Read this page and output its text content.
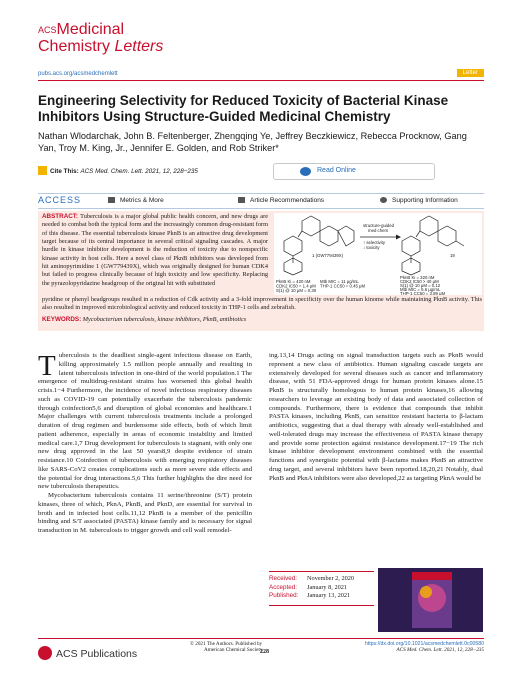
$^{ACS}$Medicinal
Chemistry Letters
pubs.acs.org/acsmedchemlett	Letter
Engineering Selectivity for Reduced Toxicity of Bacterial Kinase Inhibitors Using Structure-Guided Medicinal Chemistry
Nathan Wlodarchak, John B. Feltenberger, Zhengqing Ye, Jeffrey Beczkiewicz, Rebecca Procknow, Gang Yan, Troy M. King, Jr., Jennifer E. Golden, and Rob Striker*
Cite This: ACS Med. Chem. Lett. 2021, 12, 228−235	Read Online
ACCESS	Metrics & More	Article Recommendations	Supporting Information
ABSTRACT: Tuberculosis is a major global public health concern, and new drugs are needed to combat both the typical form and the increasingly common drug-resistant form of this disease. The essential tuberculosis kinase PknB is an attractive drug development target because of its central importance in several critical signaling cascades. A major hurdle in kinase inhibitor development is the reduction of toxicity due to nonspecific kinase activity in host cells. Here a novel class of PknB inhibitors was developed from hit aminopyrimidine 1 (GW779439X), which was originally designed for human CDK4 but failed to progress clinically because of high toxicity and low specificity. Replacing the pyrazolopyridazine headgroup of the original hit with substituted
structure-guided
med chem
↑ selectivity
↓ toxicity
1 (GW779439X)	19
PknB Ki = 420 nM
CDK2 IC50 = 1.4 μM
S(1) @ 10 μM = 0.30
Mtb MIC = 11 μg/mL
THP-1 CC50 = 0.45 μM
PknB Ki = 320 nM
CDK2 IC50 > 40 μM
S(1) @ 10 μM = 0.12
Mtb MIC = 5.6 μg/mL
THP-1 CC50 = 3.89 μM
pyridine or phenyl headgroups resulted in a reduction of Cdk activity and a 3-fold improvement in specificity over the human kinome while maintaining PknB activity. This also resulted in improved microbiological activity and reduced toxicity in THP-1 cells and zebrafish.
KEYWORDS: Mycobacterium tuberculosis, kinase inhibitors, PknB, antibiotics

Tuberculosis is the deadliest single-agent infectious disease on Earth, killing approximately 1.5 million people annually and resulting in latent tuberculosis infection in one-third of the world population.1 The emergence of multidrug-resistant strains has worsened this global health crisis.1−4 Furthermore, the incidence of novel infectious respiratory diseases such as COVID-19 can potentially exacerbate the tuberculosis pandemic through coinfection5,6 and disruption of global economies and healthcare.1 Major challenges with current tuberculosis treatments include a prolonged duration of drug regimen and burdensome side effects, both of which limit patient adherence, especially in areas of economic instability and limited medical care.1,7 Drug development for tuberculosis is stagnant, with only one new drug approved in the last 50 years8,9 despite evidence of strain resistance.10 Coinfection of tuberculosis with emerging respiratory diseases like SARS-CoV2 creates complications such as more severe side effects and the potential for drug interactions.5,6 This further highlights the dire need for new tuberculosis therapeutics.

Mycobacterium tuberculosis contains 11 serine/threonine (S/T) protein kinases, three of which, PknA, PknB, and PknD, are essential for survival in broth and in infected host cells.11,12 PknB is a member of the penicillin binding and S/T associated (PASTA) kinase family and is necessary for signal transduction in M. tuberculosis to trigger growth and cell wall remodel-

ing.13,14 Drugs acting on signal transduction targets such as PknB would represent a new class of antibiotics. Human signaling cascade targets are extensively developed for several diseases such as cancer and inflammatory disease, with 51 FDA-approved drugs for human protein kinases alone.15 PknB is structurally homologous to human protein kinases,16 allowing researchers to leverage an existing body of data and associated collection of compounds. Furthermore, there is evidence that compounds that inhibit PASTA kinases, including PknB, can sensitize resistant bacteria to β-lactam antibiotics, suggesting that a dual therapy with already well-established and well-tolerated drugs may increase the effectiveness of PASTA kinase therapy and provide some protection against resistance development.17−19 The rich kinase inhibitor development environment combined with the essential functions and synergistic potential with β-lactams makes PknB an attractive drug target, and several inhibitors have been reported.18,20,21 Notably, dual PknB and PknA inhibitors were also developed,22 as targeting PknA would be

Received: November 2, 2020
Accepted: January 8, 2021
Published: January 13, 2021
ACS Publications
© 2021 The Authors. Published by
American Chemical Society
228
https://dx.doi.org/10.1021/acsmedchemlett.0c00580
ACS Med. Chem. Lett. 2021, 12, 228−235
